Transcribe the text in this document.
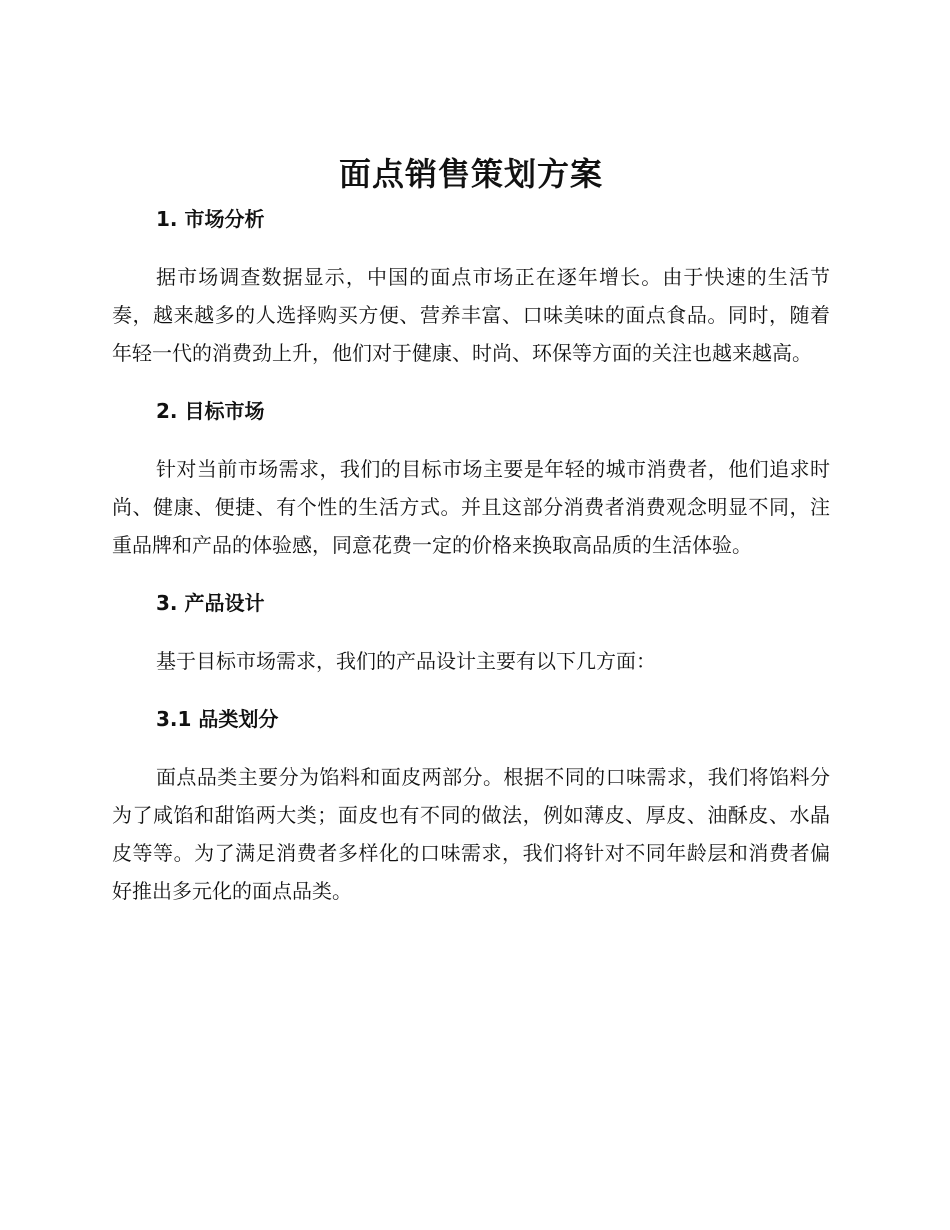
面点销售策划方案
1. 市场分析

据市场调查数据显示，中国的面点市场正在逐年增长。由于快速的生活节奏，越来越多的人选择购买方便、营养丰富、口味美味的面点食品。同时，随着年轻一代的消费劲上升，他们对于健康、时尚、环保等方面的关注也越来越高。

2. 目标市场

针对当前市场需求，我们的目标市场主要是年轻的城市消费者，他们追求时尚、健康、便捷、有个性的生活方式。并且这部分消费者消费观念明显不同，注重品牌和产品的体验感，同意花费一定的价格来换取高品质的生活体验。

3. 产品设计

基于目标市场需求，我们的产品设计主要有以下几方面：

3.1 品类划分

面点品类主要分为馅料和面皮两部分。根据不同的口味需求，我们将馅料分为了咸馅和甜馅两大类；面皮也有不同的做法，例如薄皮、厚皮、油酥皮、水晶皮等等。为了满足消费者多样化的口味需求，我们将针对不同年龄层和消费者偏好推出多元化的面点品类。
